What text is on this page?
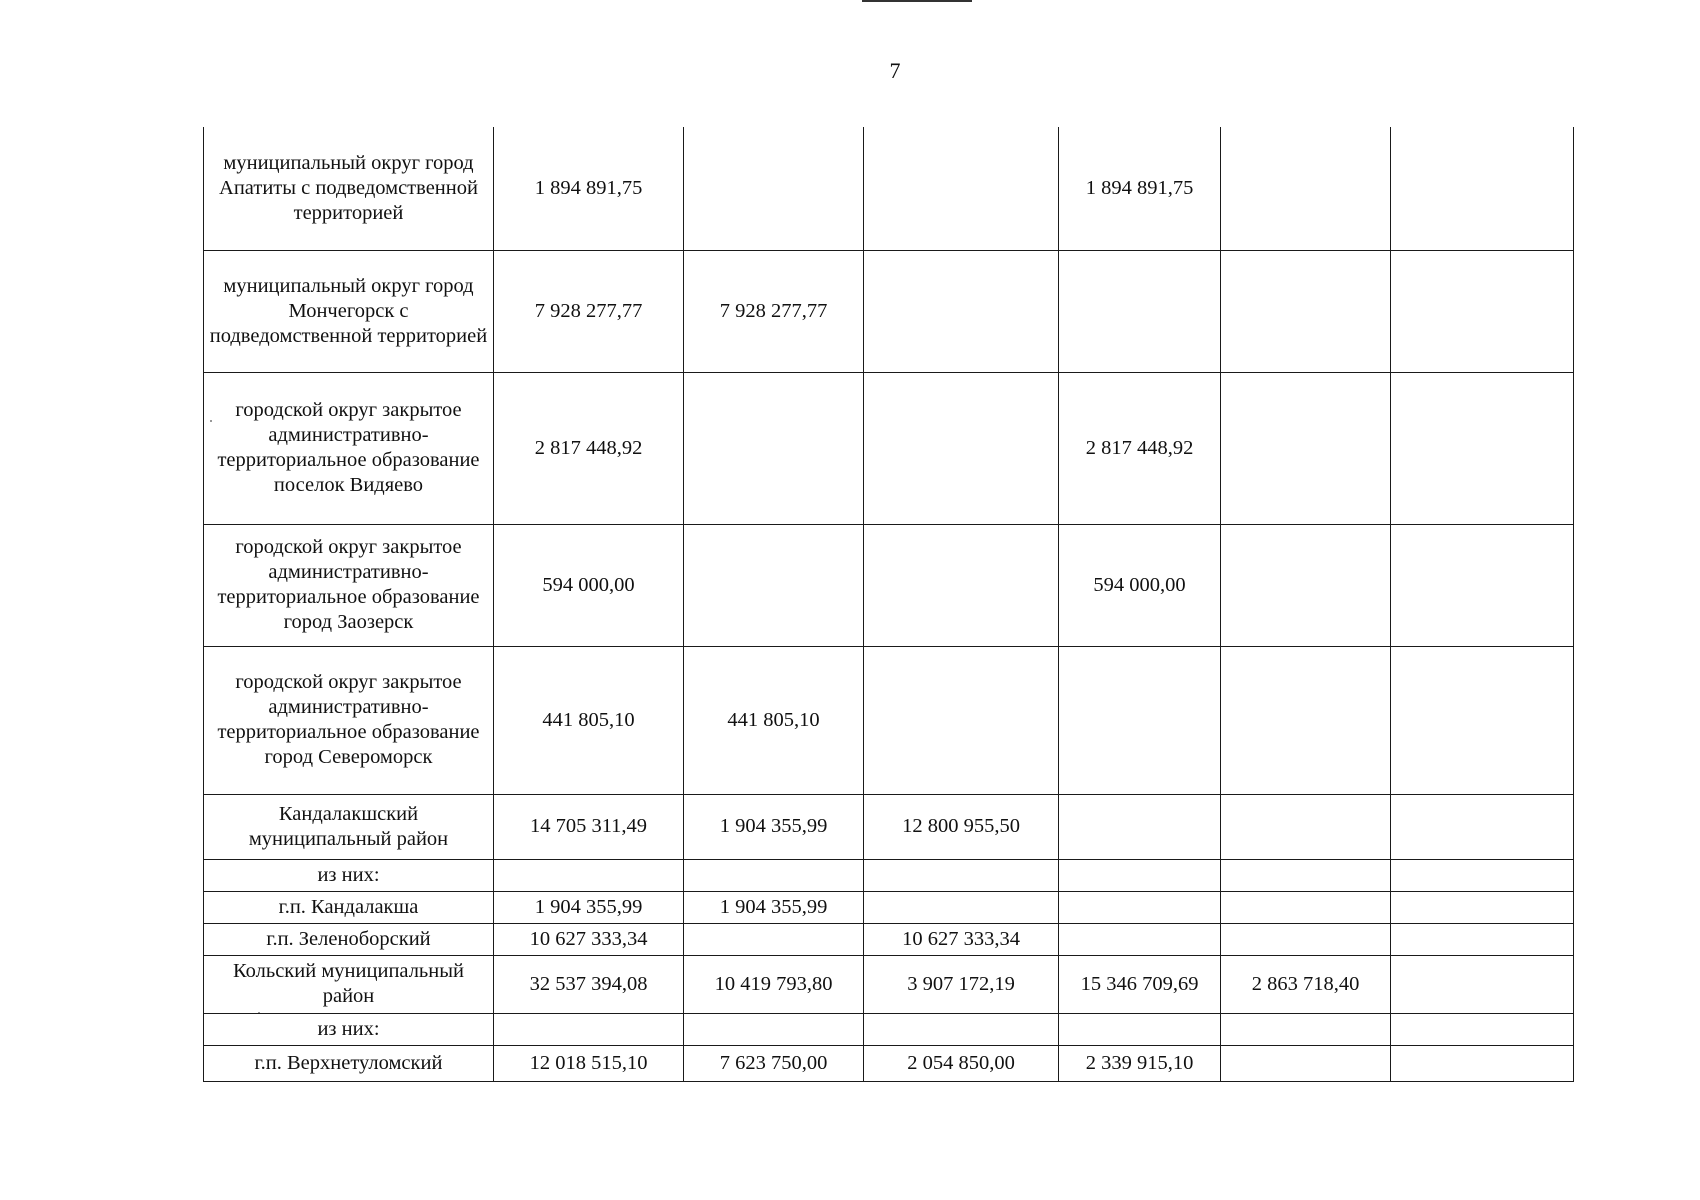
7
муниципальный округ город Апатиты с подведомственной территорией	1 894 891,75			1 894 891,75		
муниципальный округ город Мончегорск с подведомственной территорией	7 928 277,77	7 928 277,77				
городской округ закрытое административно-территориальное образование поселок Видяево	2 817 448,92			2 817 448,92		
городской округ закрытое административно-территориальное образование город Заозерск	594 000,00			594 000,00		
городской округ закрытое административно-территориальное образование город Североморск	441 805,10	441 805,10				
Кандалакшский муниципальный район	14 705 311,49	1 904 355,99	12 800 955,50			
из них:						
г.п. Кандалакша	1 904 355,99	1 904 355,99				
г.п. Зеленоборский	10 627 333,34		10 627 333,34			
Кольский муниципальный район	32 537 394,08	10 419 793,80	3 907 172,19	15 346 709,69	2 863 718,40	
из них:						
г.п. Верхнетуломский	12 018 515,10	7 623 750,00	2 054 850,00	2 339 915,10		
